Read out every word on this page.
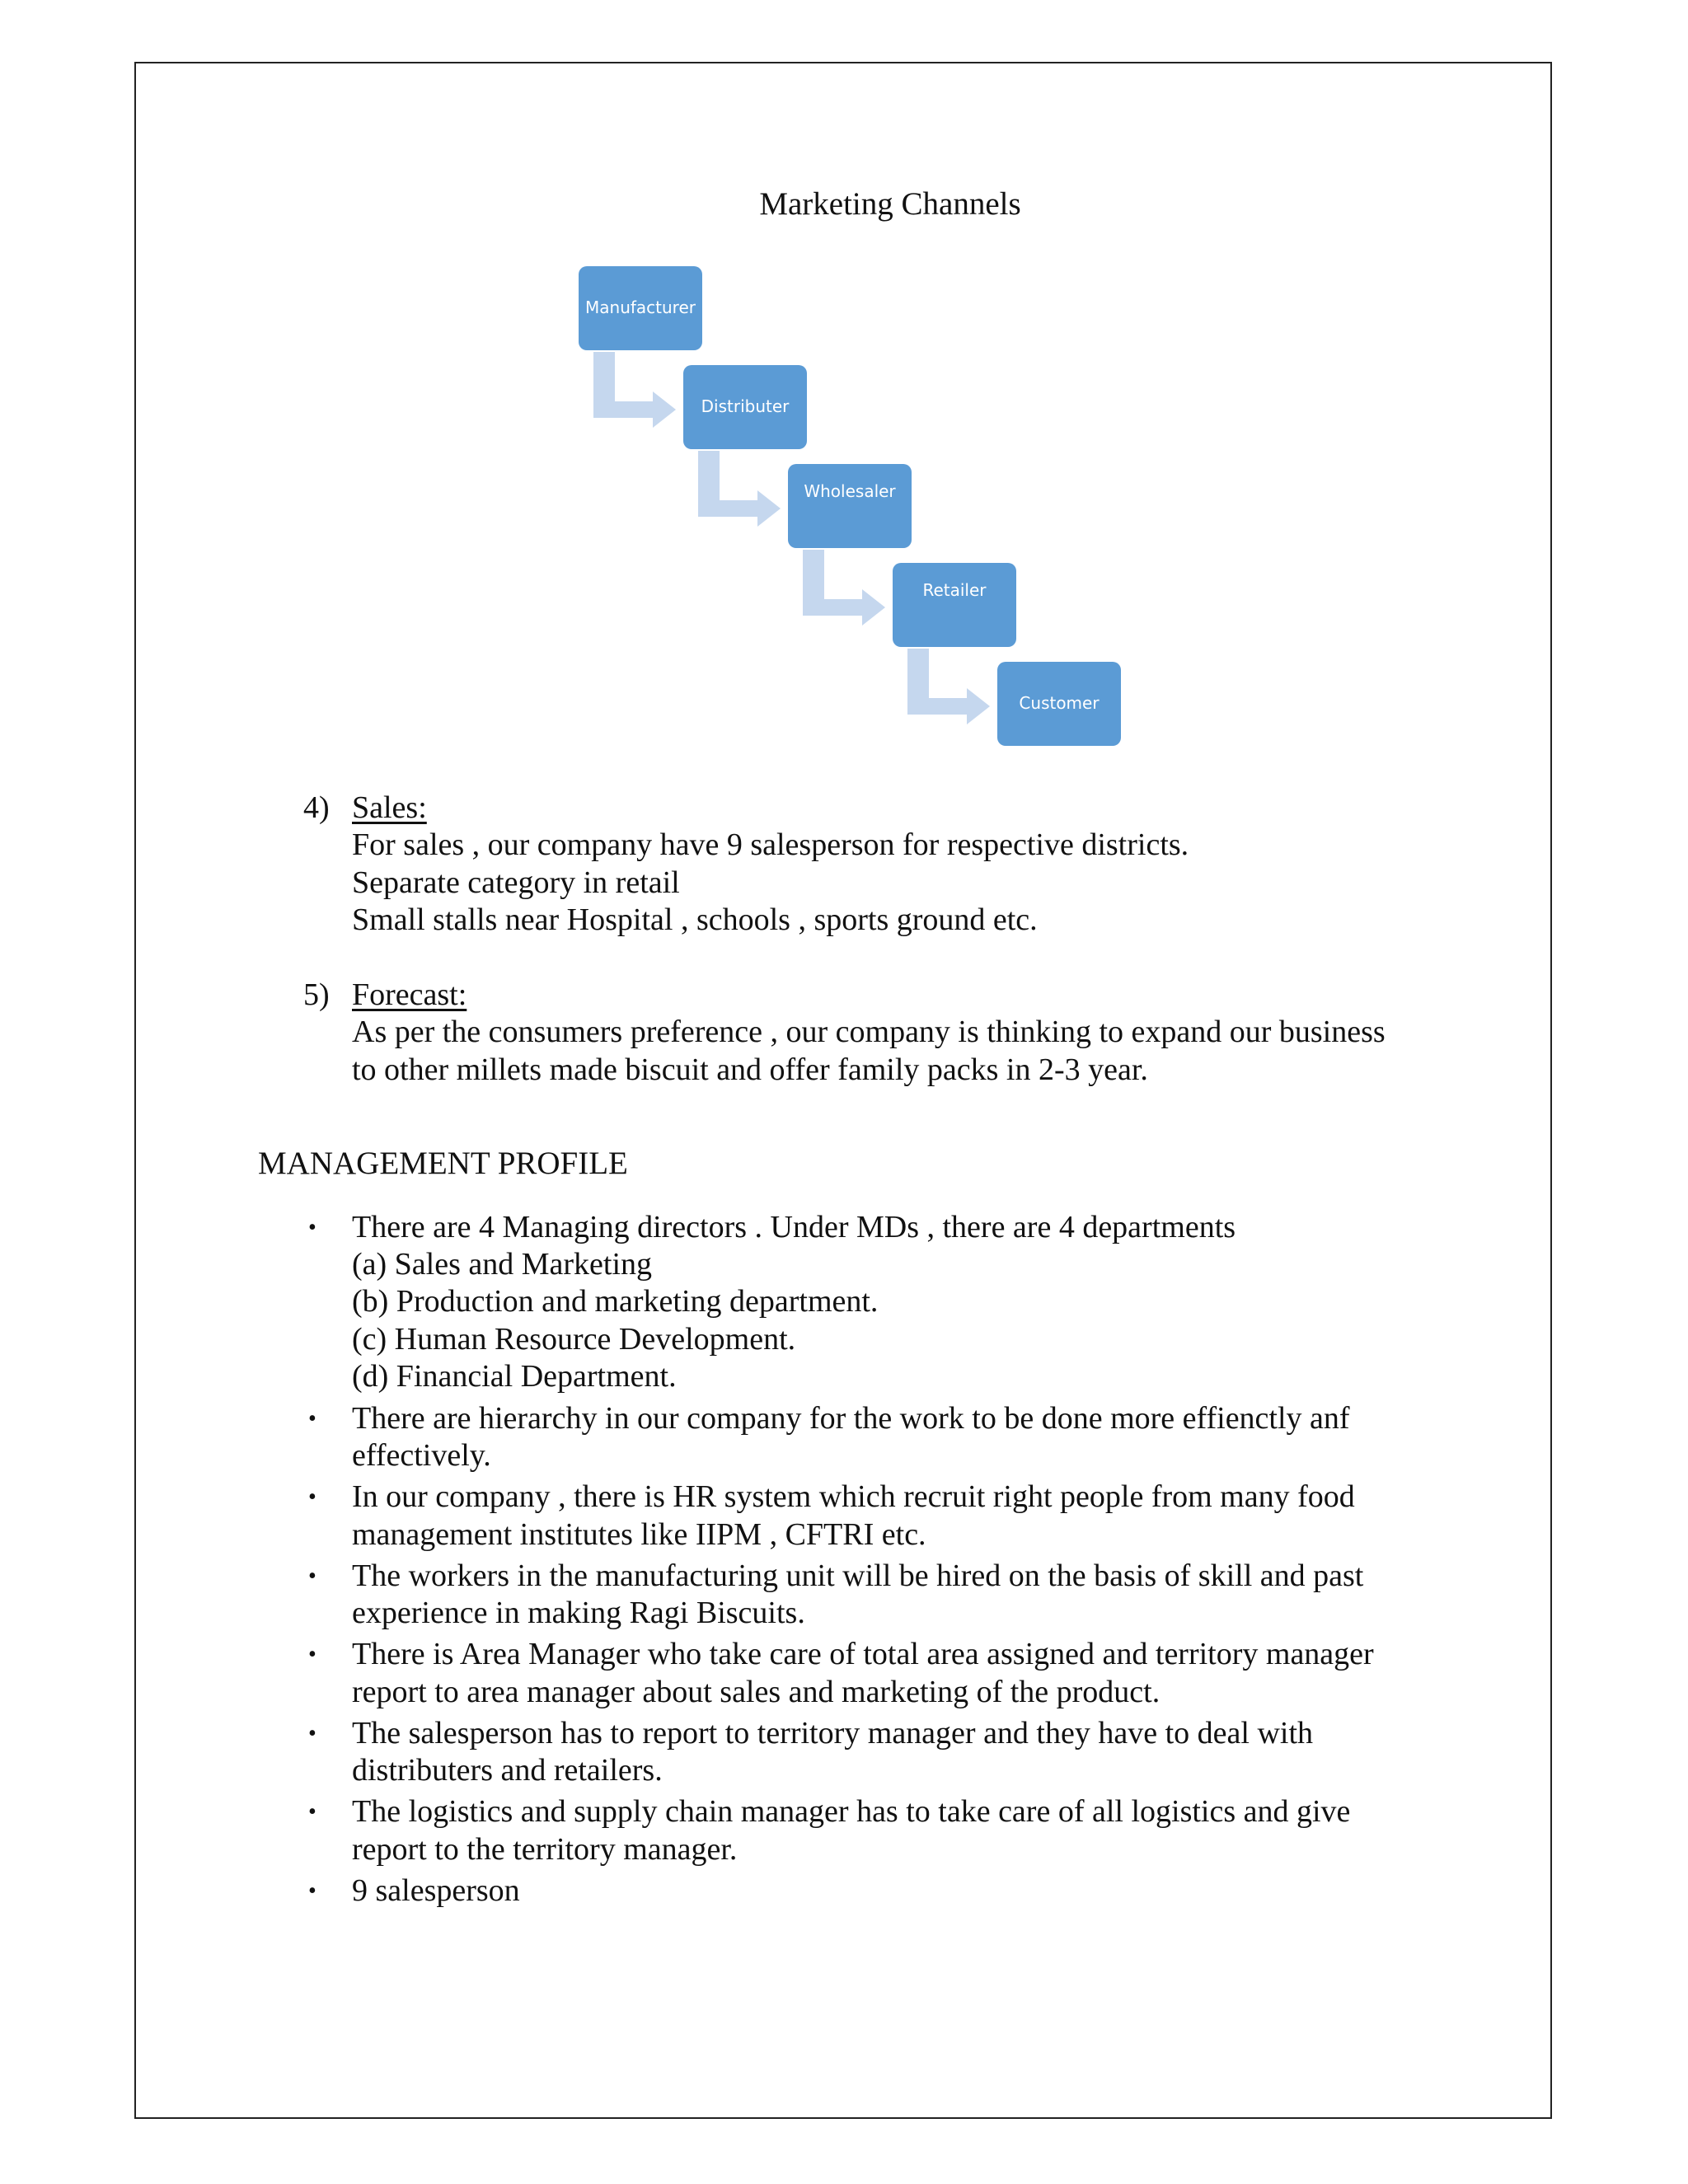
Marketing Channels
Manufacturer
Distributer
Wholesaler
Retailer
Customer
4) Sales:
For sales , our company have 9 salesperson for respective districts.
Separate category in retail
Small stalls near Hospital , schools , sports ground etc.
5) Forecast:
As per the consumers preference , our company is thinking to expand our business
to other millets made biscuit and offer family packs in 2-3 year.
MANAGEMENT PROFILE
• There are 4 Managing directors . Under MDs , there are 4 departments
(a) Sales and Marketing
(b) Production and marketing department.
(c) Human Resource Development.
(d) Financial Department.
• There are hierarchy in our company for the work to be done more effienctly anf
effectively.
• In our company , there is HR system which recruit right people from many food
management institutes like IIPM , CFTRI etc.
• The workers in the manufacturing unit will be hired on the basis of skill and past
experience in making Ragi Biscuits.
• There is Area Manager who take care of total area assigned and territory manager
report to area manager about sales and marketing of the product.
• The salesperson has to report to territory manager and they have to deal with
distributers and retailers.
• The logistics and supply chain manager has to take care of all logistics and give
report to the territory manager.
• 9 salesperson
